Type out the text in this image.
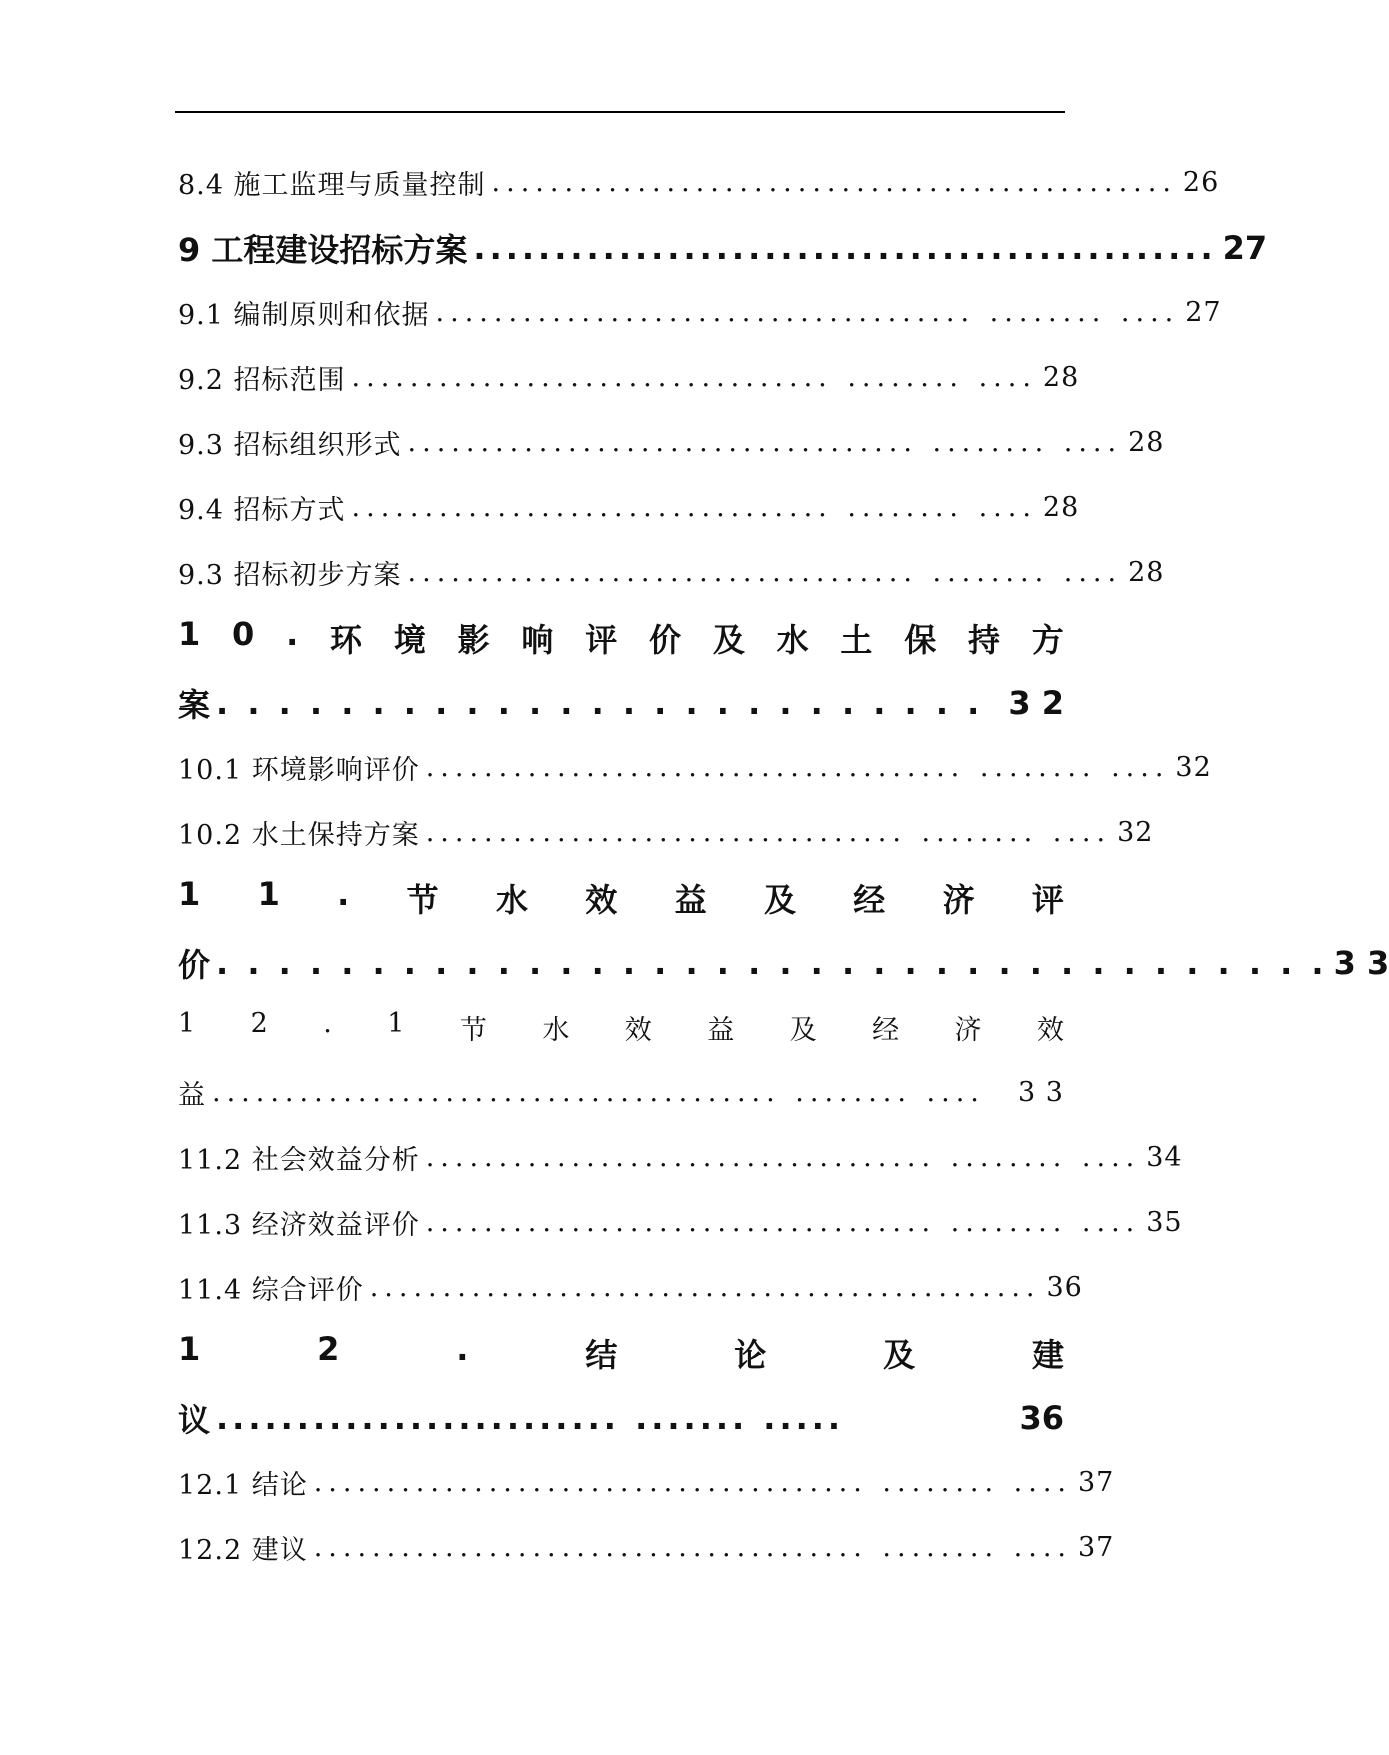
8.4 施工监理与质量控制 ............................................... 26
9 工程建设招标方案 .............................................. 27
9.1 编制原则和依据 ..................................... ........ .... 27
9.2 招标范围 ................................. ........ .... 28
9.3 招标组织形式 ................................... ........ .... 28
9.4 招标方式 ................................. ........ .... 28
9.3 招标初步方案 ................................... ........ .... 28
1 0 . 环 境 影 响 评 价 及 水 土 保 持 方
案 . . . . . . . . . . . . . . . . . . . . . . . . . 3 2
10.1 环境影响评价 ..................................... ........ .... 32
10.2 水土保持方案 ................................. ........ .... 32
1 1 . 节 水 效 益 及 经 济 评
价 . . . . . . . . . . . . . . . . . . . . . . . . . . . . . . . . . . . . 3 3
1 2 . 1 节 水 效 益 及 经 济 效
益 ....................................... ........ ....	3 3
11.2 社会效益分析 ................................... ........ .... 34
11.3 经济效益评价 ................................... ........ .... 35
11.4 综合评价 .............................................. 36
1	2	.	结	论	及	建
议 ......................... ....... .....	36
12.1 结论 ...................................... ........ .... 37
12.2 建议 ...................................... ........ .... 37
